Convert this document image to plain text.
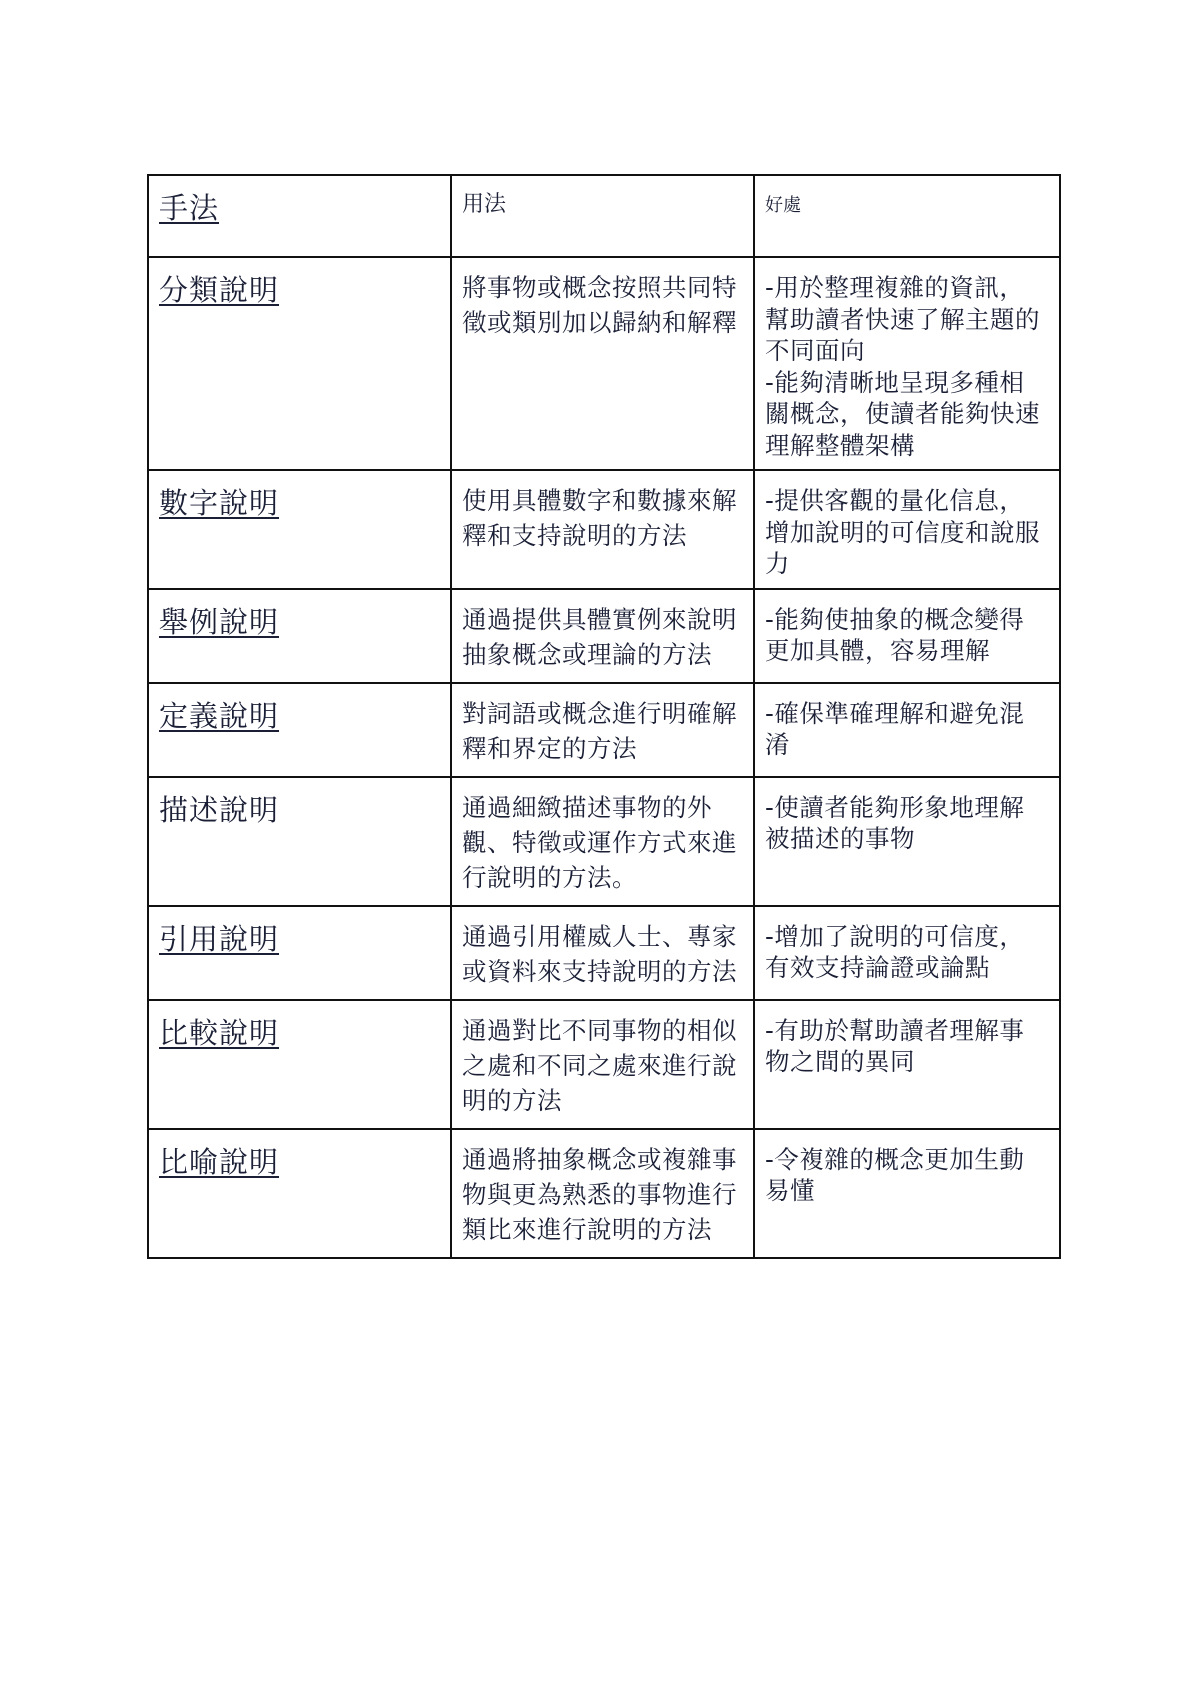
手法	用法	好處
分類說明	將事物或概念按照共同特徵或類別加以歸納和解釋	-用於整理複雜的資訊，幫助讀者快速了解主題的不同面向
-能夠清晰地呈現多種相關概念，使讀者能夠快速理解整體架構

數字說明	使用具體數字和數據來解釋和支持說明的方法	-提供客觀的量化信息，增加說明的可信度和說服力

舉例說明	通過提供具體實例來說明抽象概念或理論的方法	-能夠使抽象的概念變得更加具體，容易理解

定義說明	對詞語或概念進行明確解釋和界定的方法	-確保準確理解和避免混淆

描述說明	通過細緻描述事物的外觀、特徵或運作方式來進行說明的方法。	-使讀者能夠形象地理解被描述的事物

引用說明	通過引用權威人士、專家或資料來支持說明的方法	-增加了說明的可信度，有效支持論證或論點

比較說明	通過對比不同事物的相似之處和不同之處來進行說明的方法	-有助於幫助讀者理解事物之間的異同

比喻說明	通過將抽象概念或複雜事物與更為熟悉的事物進行類比來進行說明的方法	-令複雜的概念更加生動易懂
